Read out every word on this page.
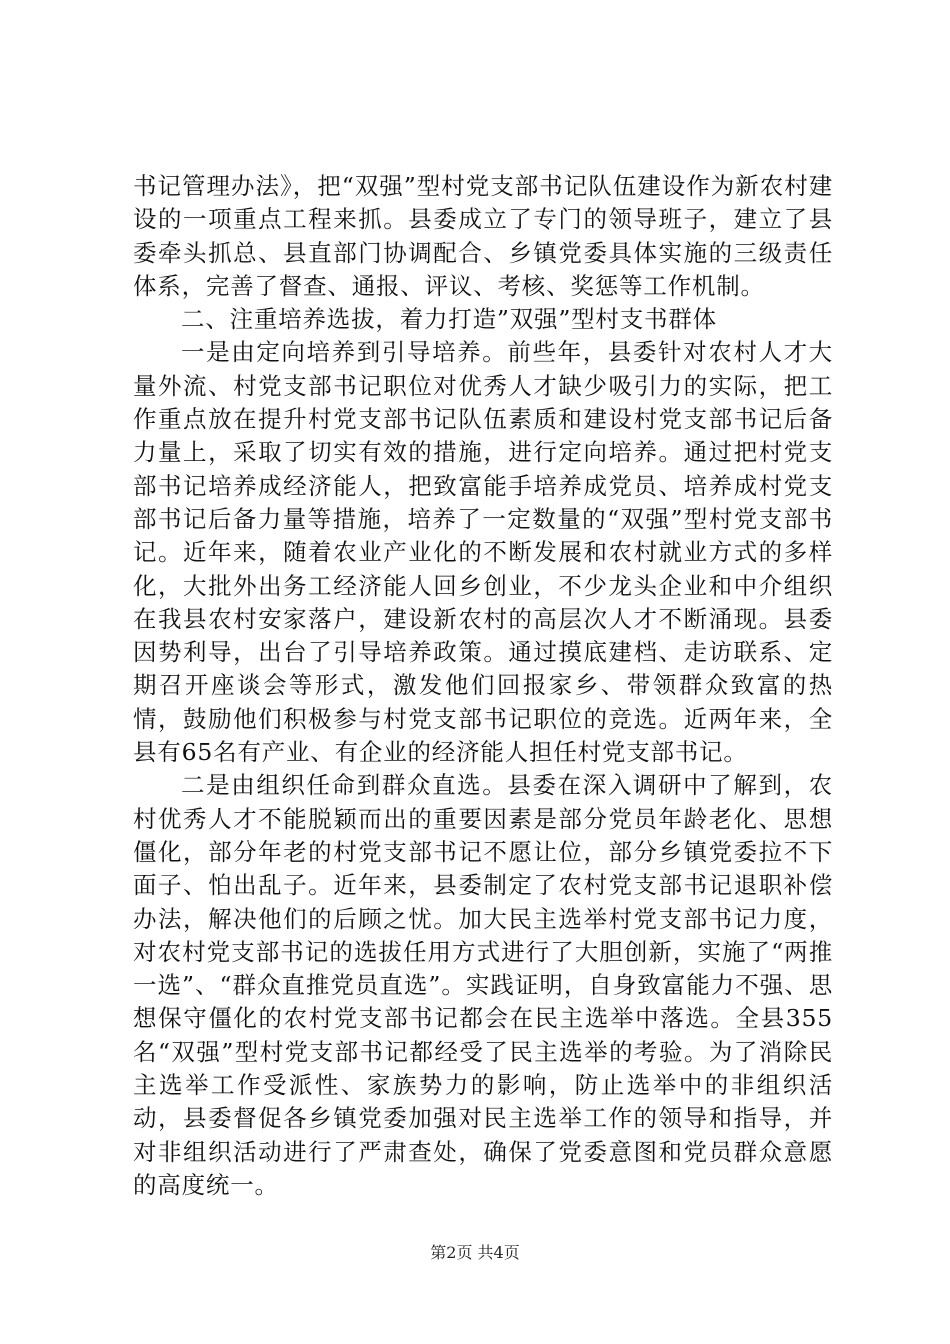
书记管理办法》，把“双强”型村党支部书记队伍建设作为新农村建设的一项重点工程来抓。县委成立了专门的领导班子，建立了县委牵头抓总、县直部门协调配合、乡镇党委具体实施的三级责任体系，完善了督查、通报、评议、考核、奖惩等工作机制。

二、注重培养选拔，着力打造”双强”型村支书群体

一是由定向培养到引导培养。前些年，县委针对农村人才大量外流、村党支部书记职位对优秀人才缺少吸引力的实际，把工作重点放在提升村党支部书记队伍素质和建设村党支部书记后备力量上，采取了切实有效的措施，进行定向培养。通过把村党支部书记培养成经济能人，把致富能手培养成党员、培养成村党支部书记后备力量等措施，培养了一定数量的“双强”型村党支部书记。近年来，随着农业产业化的不断发展和农村就业方式的多样化，大批外出务工经济能人回乡创业，不少龙头企业和中介组织在我县农村安家落户，建设新农村的高层次人才不断涌现。县委因势利导，出台了引导培养政策。通过摸底建档、走访联系、定期召开座谈会等形式，激发他们回报家乡、带领群众致富的热情，鼓励他们积极参与村党支部书记职位的竞选。近两年来，全县有65名有产业、有企业的经济能人担任村党支部书记。

二是由组织任命到群众直选。县委在深入调研中了解到，农村优秀人才不能脱颖而出的重要因素是部分党员年龄老化、思想僵化，部分年老的村党支部书记不愿让位，部分乡镇党委拉不下面子、怕出乱子。近年来，县委制定了农村党支部书记退职补偿办法，解决他们的后顾之忧。加大民主选举村党支部书记力度，对农村党支部书记的选拔任用方式进行了大胆创新，实施了“两推一选”、“群众直推党员直选”。实践证明，自身致富能力不强、思想保守僵化的农村党支部书记都会在民主选举中落选。全县355名“双强”型村党支部书记都经受了民主选举的考验。为了消除民主选举工作受派性、家族势力的影响，防止选举中的非组织活动，县委督促各乡镇党委加强对民主选举工作的领导和指导，并对非组织活动进行了严肃查处，确保了党委意图和党员群众意愿的高度统一。

第2页 共4页
